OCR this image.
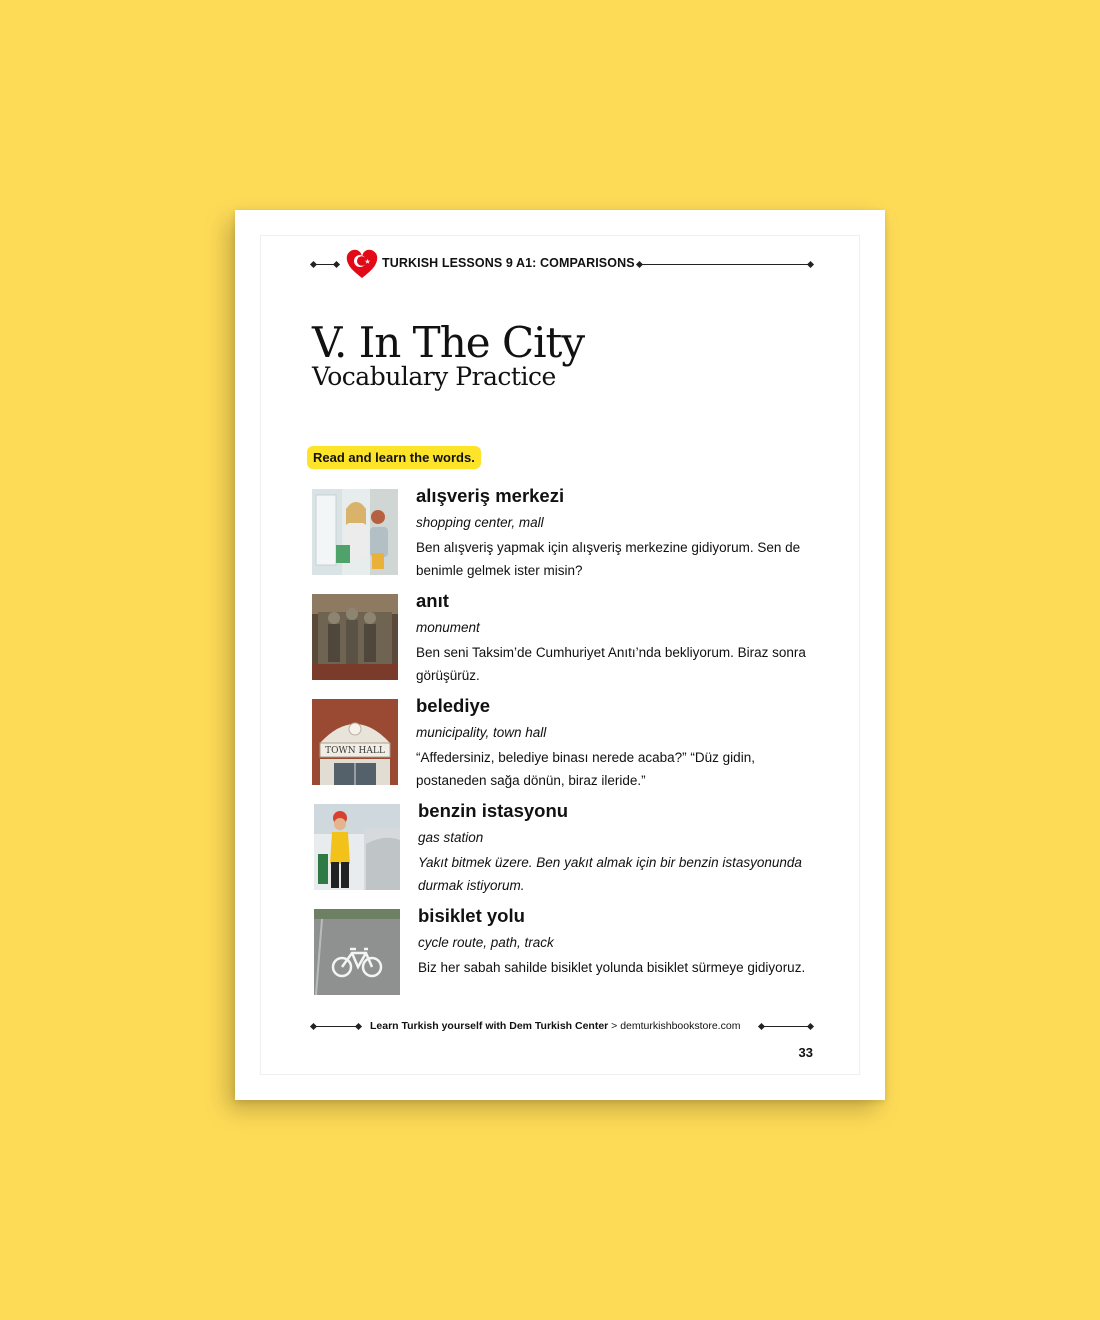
TURKISH LESSONS 9 A1: COMPARISONS
V. In The City
Vocabulary Practice
Read and learn the words.
alışveriş merkezi
shopping center, mall
Ben alışveriş yapmak için alışveriş merkezine gidiyorum. Sen de benimle gelmek ister misin?
anıt
monument
Ben seni Taksim’de Cumhuriyet Anıtı’nda bekliyorum. Biraz sonra görüşürüz.
TOWN HALL
belediye
municipality, town hall
“Affedersiniz, belediye binası nerede acaba?” “Düz gidin, postaneden sağa dönün, biraz ileride.”
benzin istasyonu
gas station
Yakıt bitmek üzere. Ben yakıt almak için bir benzin istasyonunda durmak istiyorum.
bisiklet yolu
cycle route, path, track
Biz her sabah sahilde bisiklet yolunda bisiklet sürmeye gidiyoruz.
Learn Turkish yourself with Dem Turkish Center > demturkishbookstore.com
33
